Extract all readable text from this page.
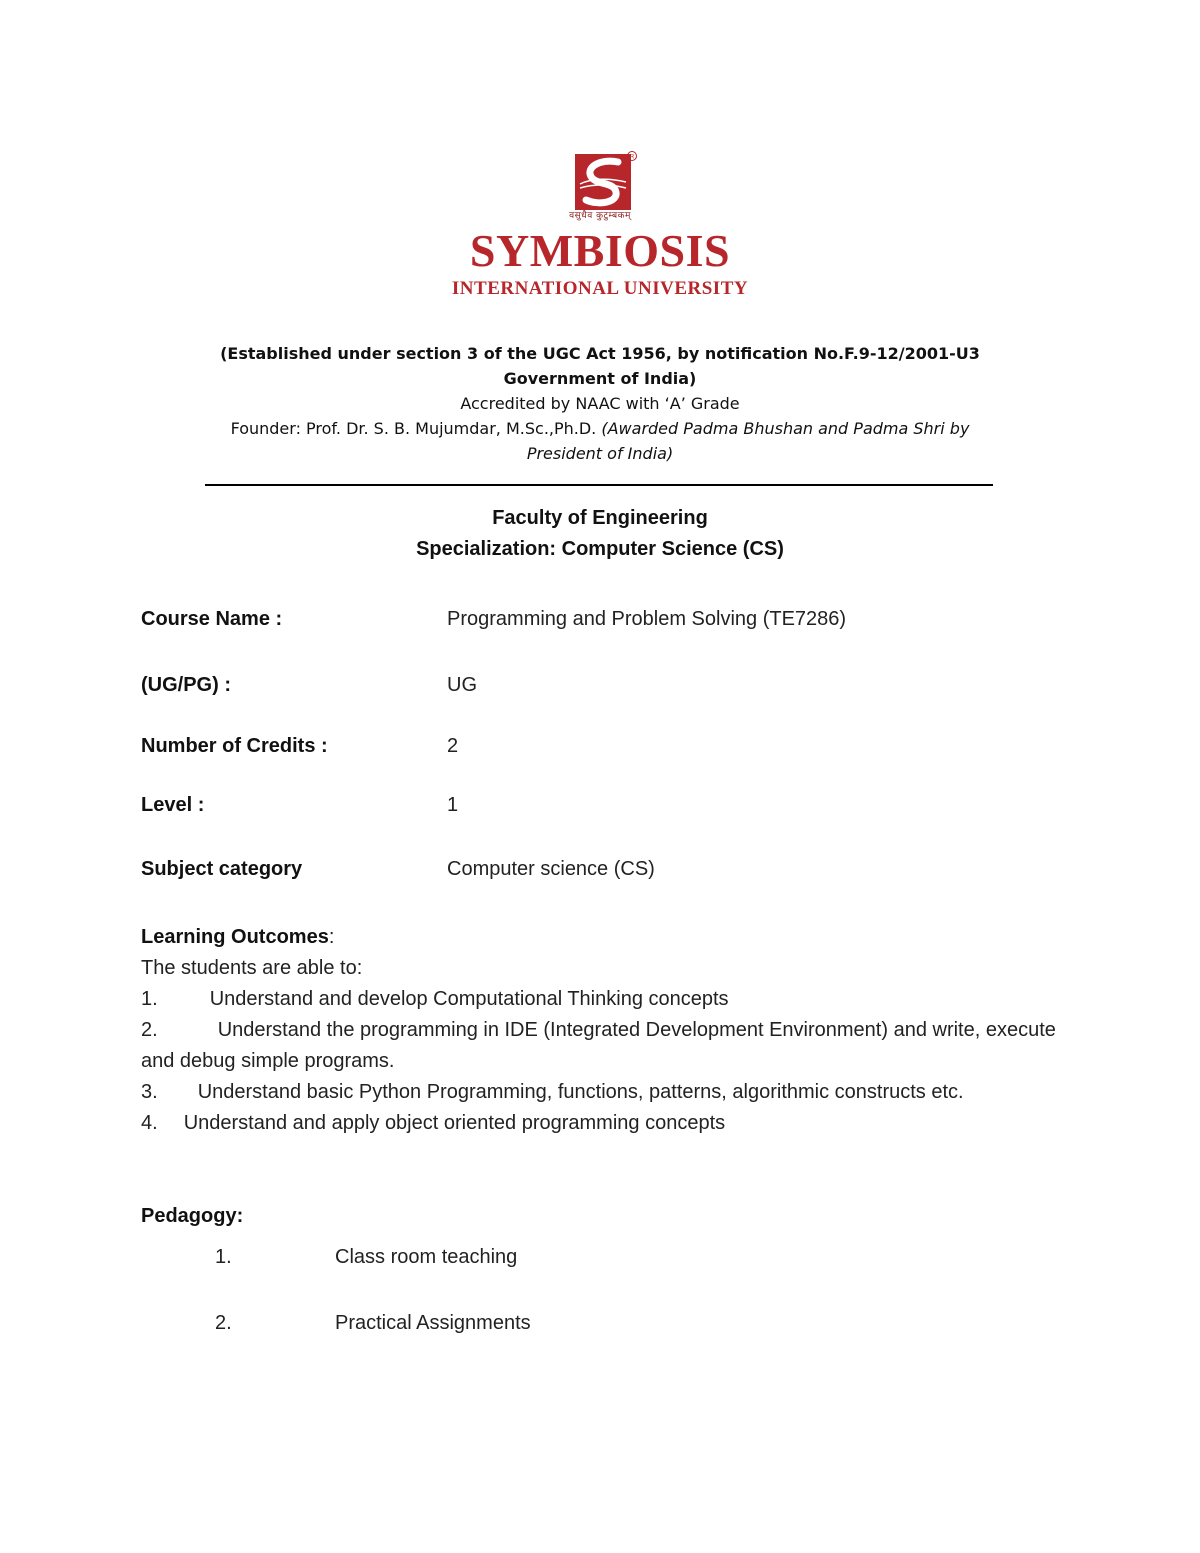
R
वसुधैव कुटुम्बकम्
SYMBIOSIS
INTERNATIONAL UNIVERSITY
(Established under section 3 of the UGC Act 1956, by notification No.F.9-12/2001-U3
Government of India)
Accredited by NAAC with ‘A’ Grade
Founder: Prof. Dr. S. B. Mujumdar, M.Sc.,Ph.D. (Awarded Padma Bhushan and Padma Shri by
President of India)
Faculty of Engineering
Specialization: Computer Science (CS)
Course Name :	Programming and Problem Solving (TE7286)
(UG/PG) :	UG
Number of Credits :	2
Level :	1
Subject category	Computer science (CS)

Learning Outcomes:

The students are able to:

1.	Understand and develop Computational Thinking concepts

2.	Understand the programming in IDE (Integrated Development Environment) and write, execute and debug simple programs.

3. Understand basic Python Programming, functions, patterns, algorithmic constructs etc.

4. Understand and apply object oriented programming concepts

Pedagogy:
1.	Class room teaching
2.	Practical Assignments
